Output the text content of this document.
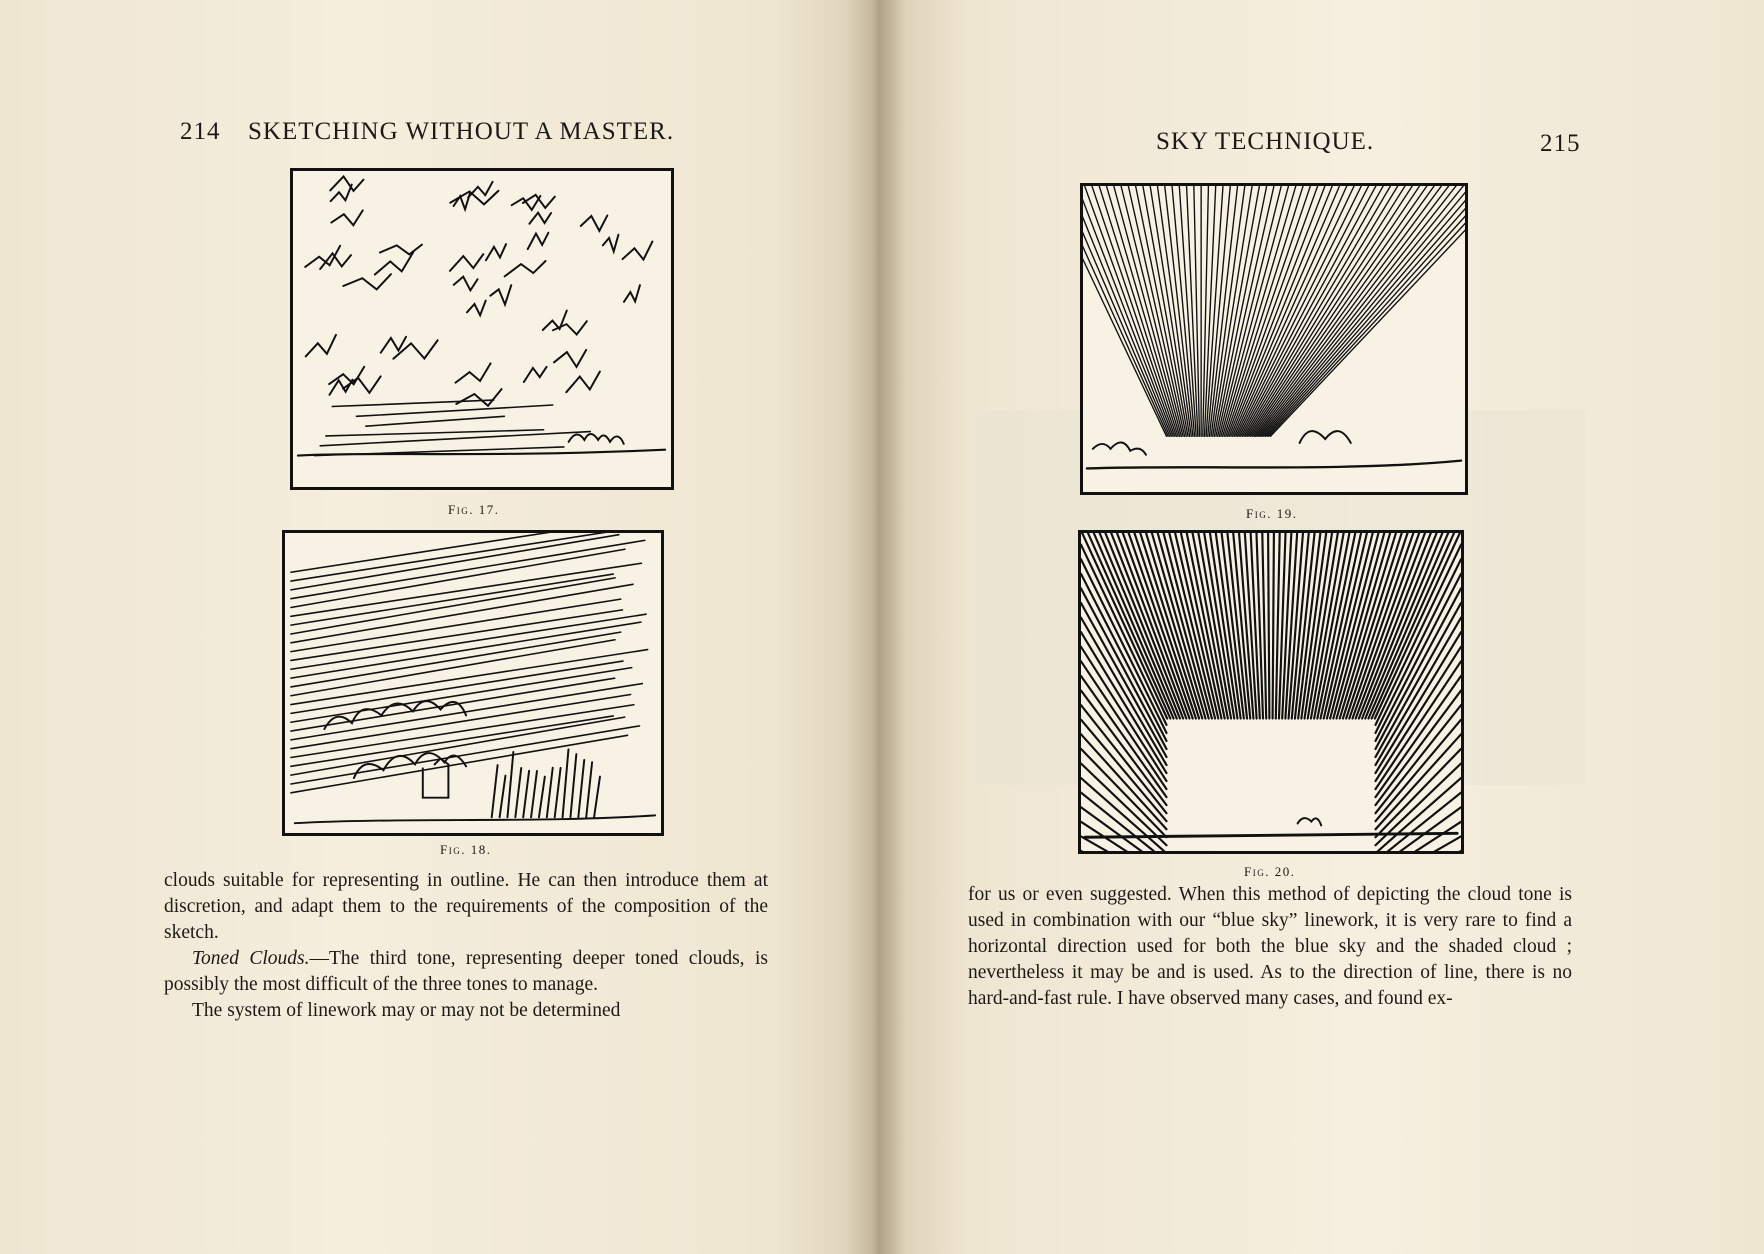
214 SKETCHING WITHOUT A MASTER.
Fig. 17.
Fig. 18.

clouds suitable for representing in outline. He can then introduce them at discretion, and adapt them to the requirements of the composition of the sketch.

Toned Clouds.—The third tone, representing deeper toned clouds, is possibly the most difficult of the three tones to manage.

The system of linework may or may not be determined

SKY TECHNIQUE.	215
Fig. 19.
Fig. 20.

for us or even suggested. When this method of depicting the cloud tone is used in combination with our “blue sky” linework, it is very rare to find a horizontal direction used for both the blue sky and the shaded cloud ; nevertheless it may be and is used. As to the direction of line, there is no hard-and-fast rule. I have observed many cases, and found ex-
